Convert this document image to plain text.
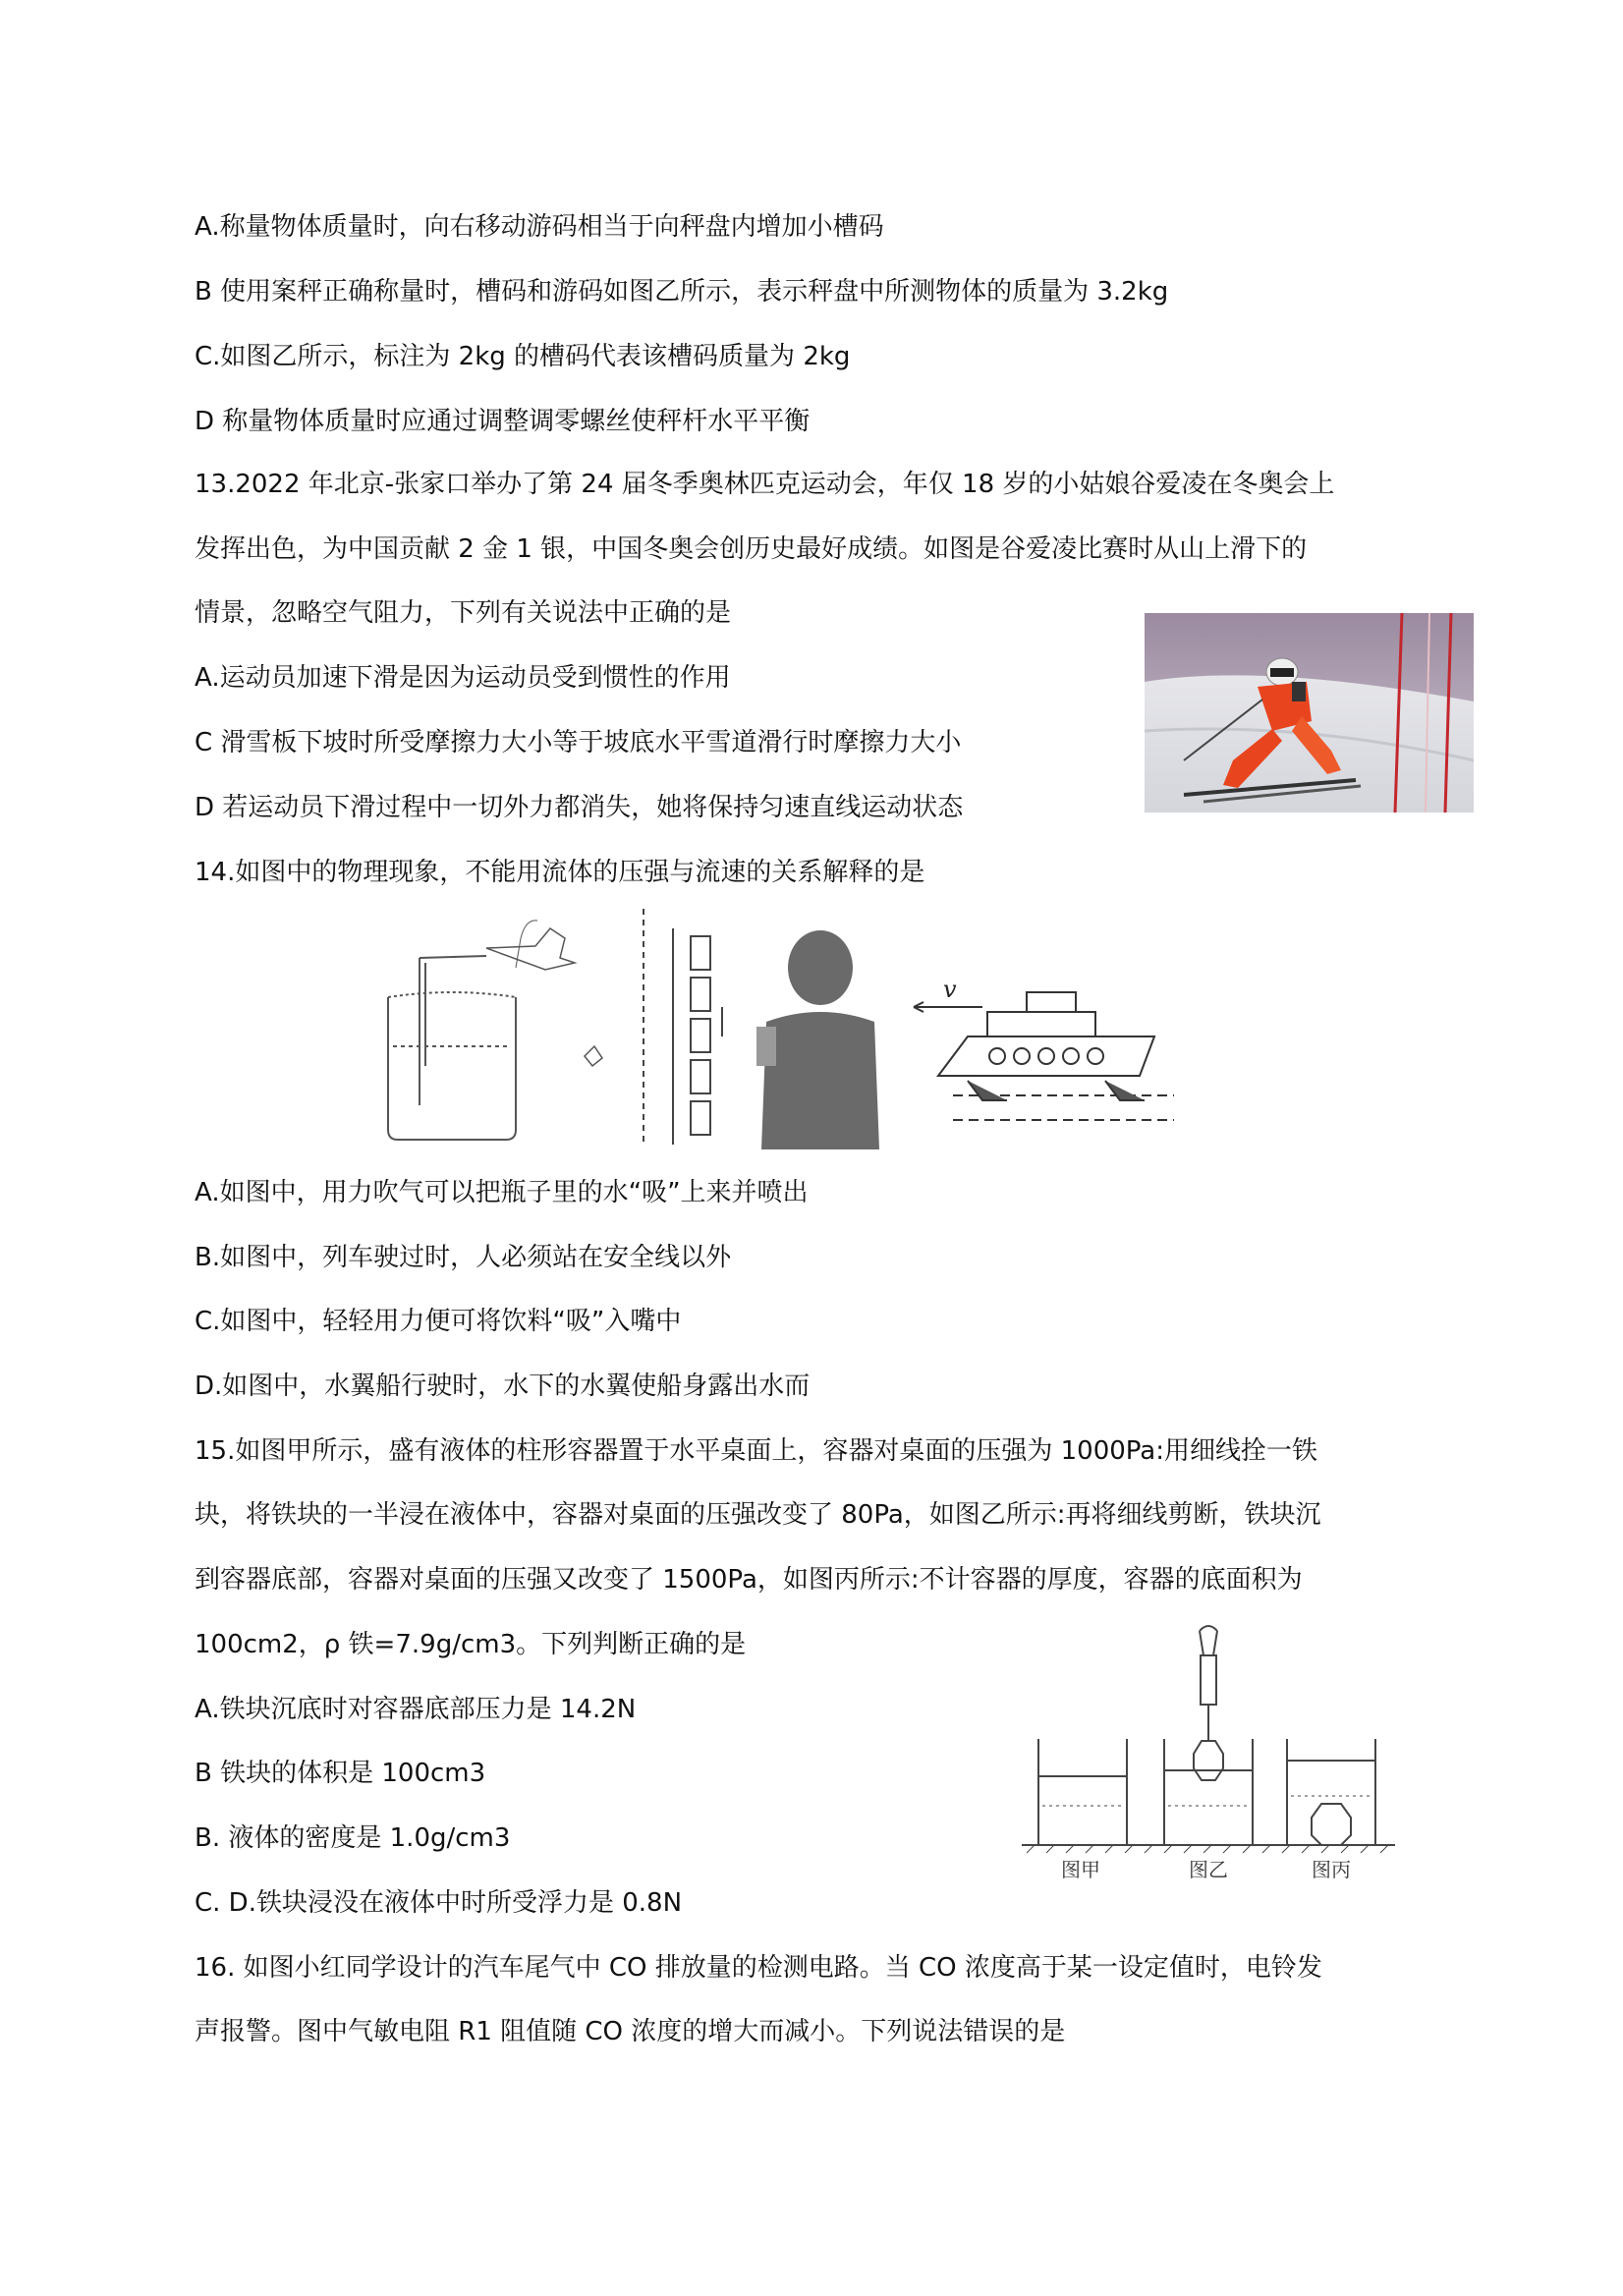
A.称量物体质量时，向右移动游码相当于向秤盘内增加小槽码
B 使用案秤正确称量时，槽码和游码如图乙所示，表示秤盘中所测物体的质量为 3.2kg
C.如图乙所示，标注为 2kg 的槽码代表该槽码质量为 2kg
D 称量物体质量时应通过调整调零螺丝使秤杆水平平衡
13.2022 年北京-张家口举办了第 24 届冬季奥林匹克运动会，年仅 18 岁的小姑娘谷爱凌在冬奥会上
发挥出色，为中国贡献 2 金 1 银，中国冬奥会创历史最好成绩。如图是谷爱凌比赛时从山上滑下的
情景，忽略空气阻力，下列有关说法中正确的是
A.运动员加速下滑是因为运动员受到惯性的作用
C 滑雪板下坡时所受摩擦力大小等于坡底水平雪道滑行时摩擦力大小
D 若运动员下滑过程中一切外力都消失，她将保持匀速直线运动状态
14.如图中的物理现象，不能用流体的压强与流速的关系解释的是
v
A.如图中，用力吹气可以把瓶子里的水“吸”上来并喷出
B.如图中，列车驶过时，人必须站在安全线以外
C.如图中，轻轻用力便可将饮料“吸”入嘴中
D.如图中，水翼船行驶时，水下的水翼使船身露出水而
15.如图甲所示，盛有液体的柱形容器置于水平桌面上，容器对桌面的压强为 1000Pa:用细线拴一铁
块，将铁块的一半浸在液体中，容器对桌面的压强改变了 80Pa，如图乙所示:再将细线剪断，铁块沉
到容器底部，容器对桌面的压强又改变了 1500Pa，如图丙所示:不计容器的厚度，容器的底面积为
100cm2，ρ 铁=7.9g/cm3。下列判断正确的是
A.铁块沉底时对容器底部压力是 14.2N
B 铁块的体积是 100cm3
B. 液体的密度是 1.0g/cm3
C. D.铁块浸没在液体中时所受浮力是 0.8N
图甲	图乙	图丙
16. 如图小红同学设计的汽车尾气中 CO 排放量的检测电路。当 CO 浓度高于某一设定值时，电铃发
声报警。图中气敏电阻 R1 阻值随 CO 浓度的增大而减小。下列说法错误的是
